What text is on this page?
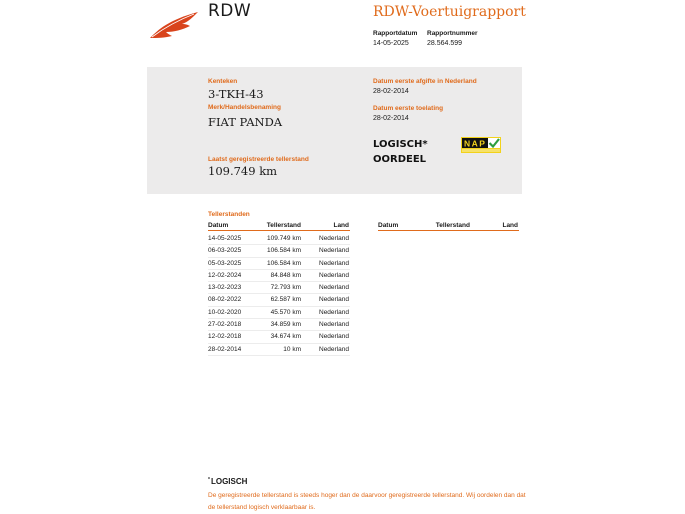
RDW	RDW-Voertuigrapport
Rapportdatum
14-05-2025
Rapportnummer
28.564.599
Kenteken
3-TKH-43
Merk/Handelsbenaming
FIAT PANDA
Laatst geregistreerde tellerstand
109.749 km
Datum eerste afgifte in Nederland
28-02-2014
Datum eerste toelating
28-02-2014
LOGISCH*
OORDEEL
NAP
Tellerstanden
Datum	Tellerstand	Land	Datum	Tellerstand	Land
14-05-2025	109.749 km	Nederland
06-03-2025	106.584 km	Nederland
05-03-2025	106.584 km	Nederland
12-02-2024	84.848 km	Nederland
13-02-2023	72.793 km	Nederland
08-02-2022	62.587 km	Nederland
10-02-2020	45.570 km	Nederland
27-02-2018	34.859 km	Nederland
12-02-2018	34.674 km	Nederland
28-02-2014	10 km	Nederland
*LOGISCH
De geregistreerde tellerstand is steeds hoger dan de daarvoor geregistreerde tellerstand. Wij oordelen dan dat de tellerstand logisch verklaarbaar is.
